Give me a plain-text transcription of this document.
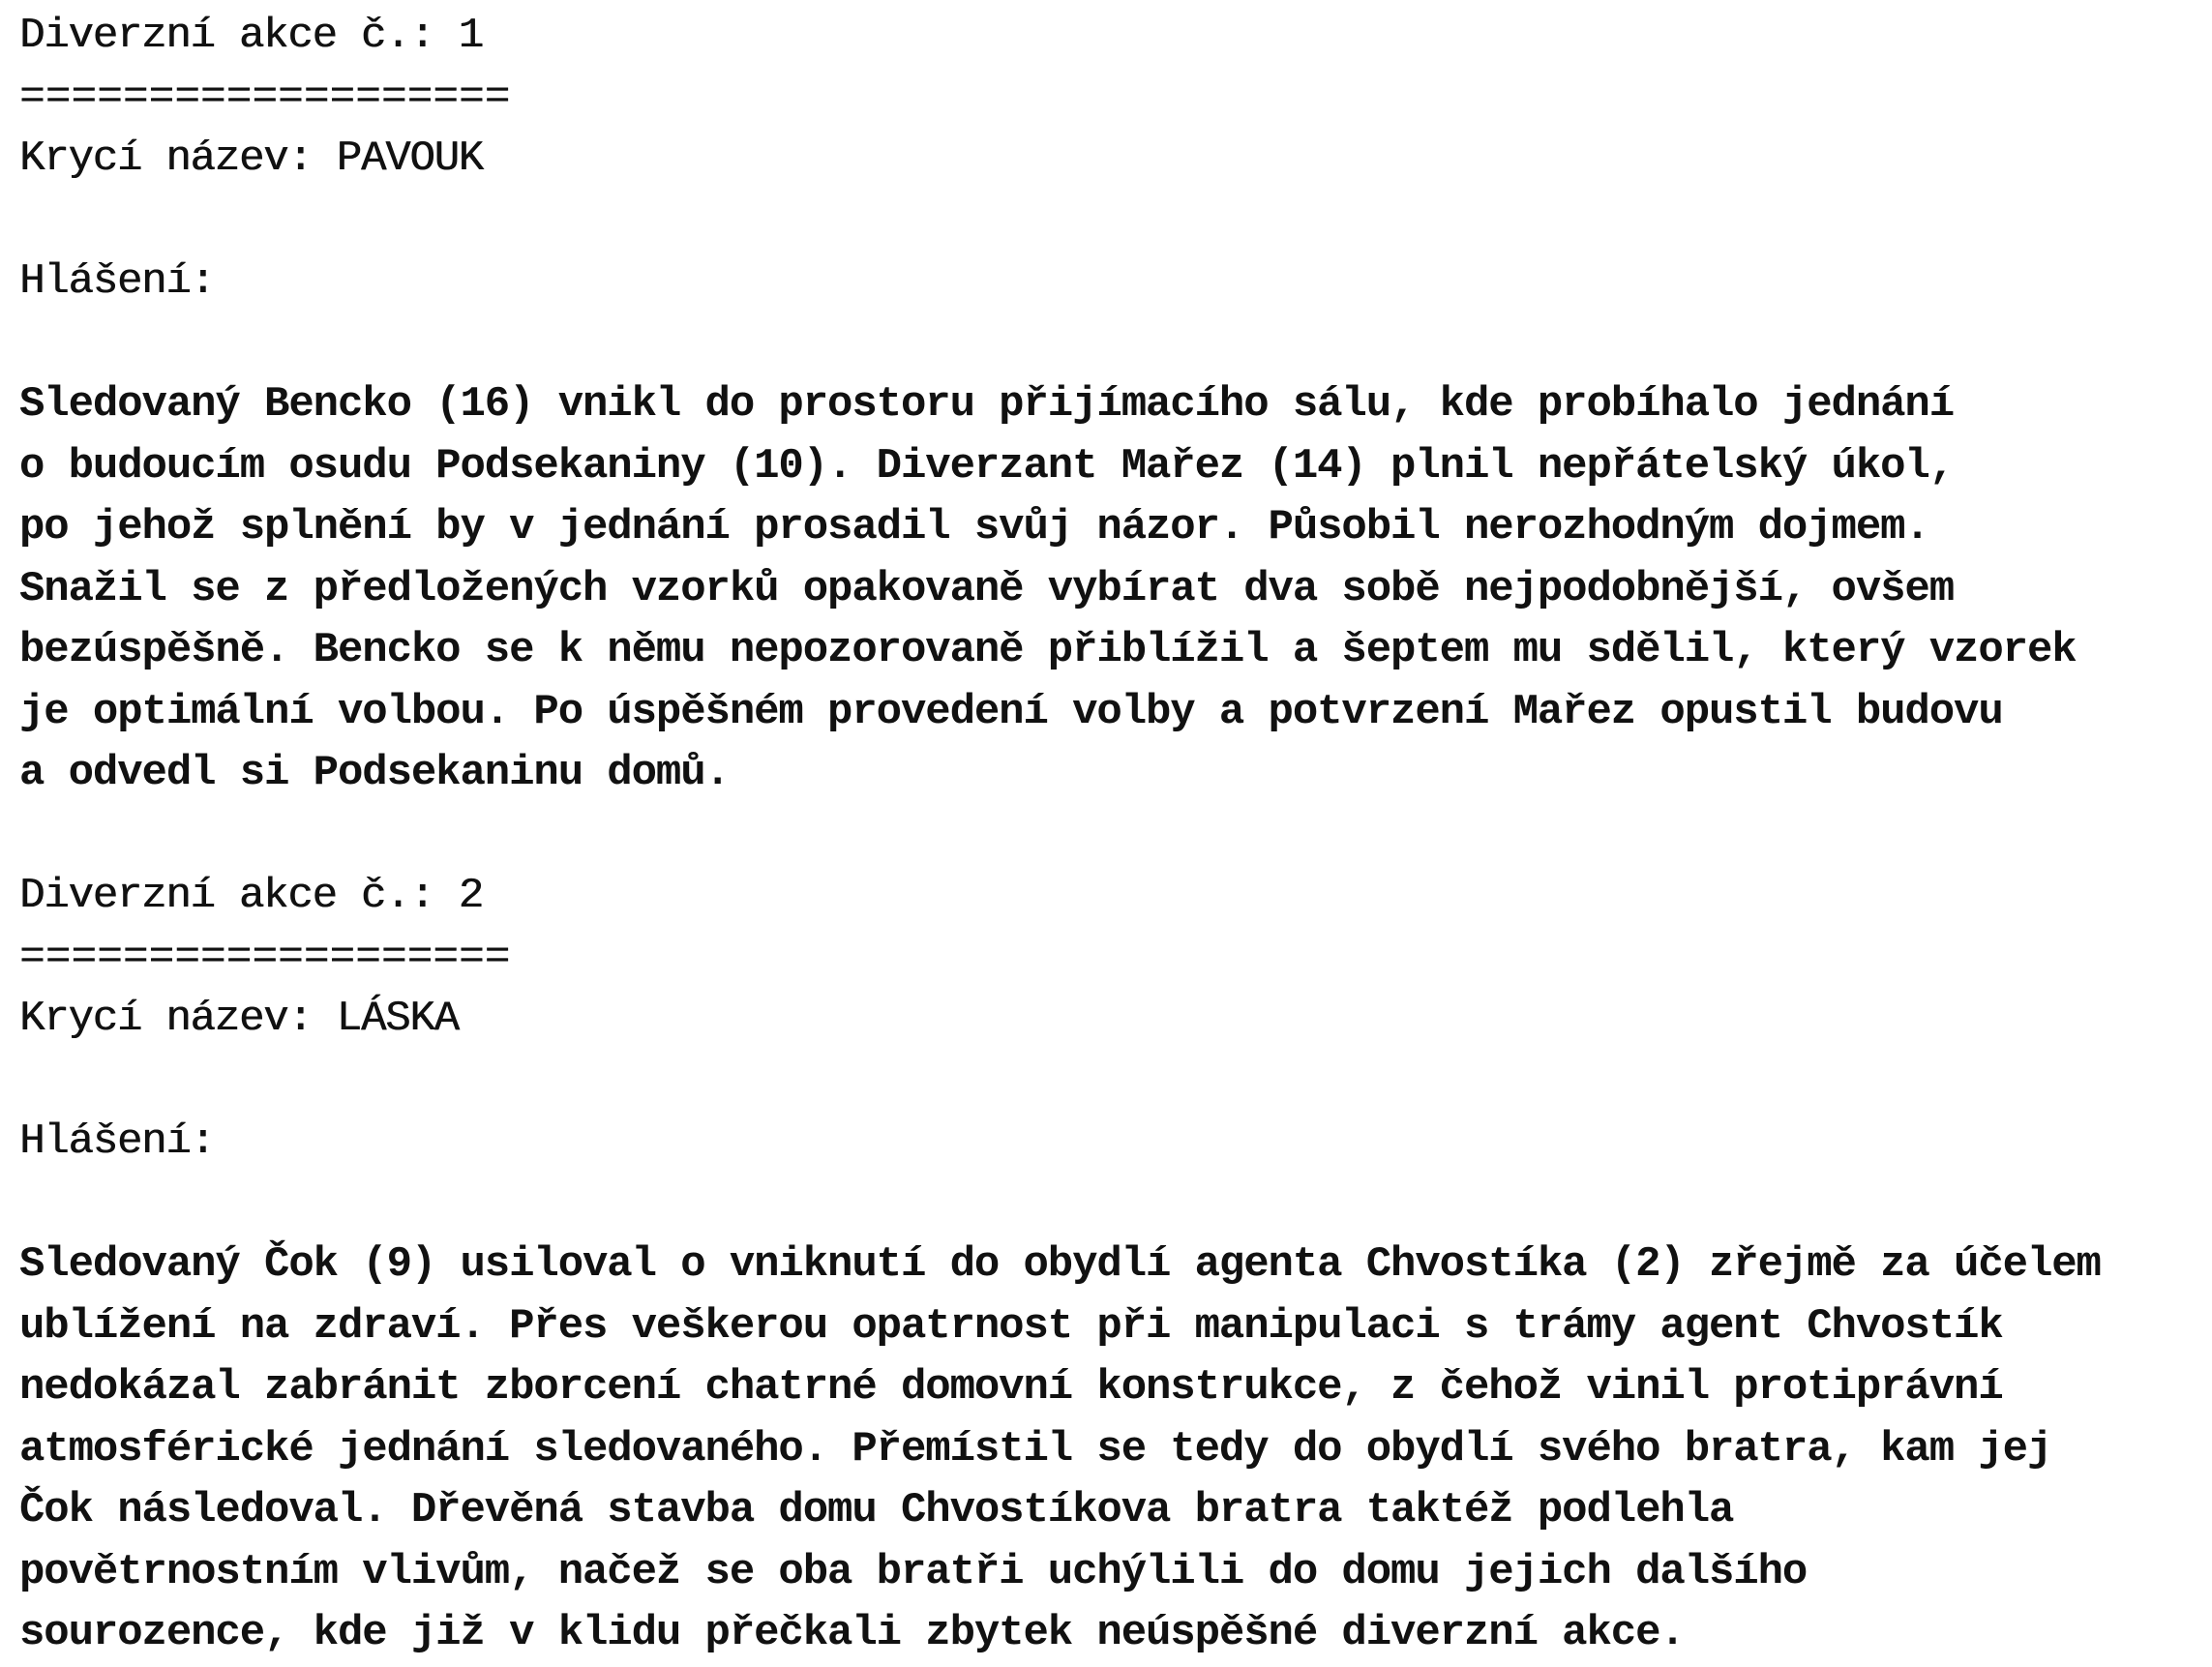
Diverzní akce č.: 1
===================
Krycí název: PAVOUK
Hlášení:
Sledovaný Bencko (16) vnikl do prostoru přijímacího sálu, kde probíhalo jednání
o budoucím osudu Podsekaniny (10). Diverzant Mařez (14) plnil nepřátelský úkol,
po jehož splnění by v jednání prosadil svůj názor. Působil nerozhodným dojmem.
Snažil se z předložených vzorků opakovaně vybírat dva sobě nejpodobnější, ovšem
bezúspěšně. Bencko se k němu nepozorovaně přiblížil a šeptem mu sdělil, který vzorek
je optimální volbou. Po úspěšném provedení volby a potvrzení Mařez opustil budovu
a odvedl si Podsekaninu domů.
Diverzní akce č.: 2
===================
Krycí název: LÁSKA
Hlášení:
Sledovaný Čok (9) usiloval o vniknutí do obydlí agenta Chvostíka (2) zřejmě za účelem
ublížení na zdraví. Přes veškerou opatrnost při manipulaci s trámy agent Chvostík
nedokázal zabránit zborcení chatrné domovní konstrukce, z čehož vinil protiprávní
atmosférické jednání sledovaného. Přemístil se tedy do obydlí svého bratra, kam jej
Čok následoval. Dřevěná stavba domu Chvostíkova bratra taktéž podlehla
povětrnostním vlivům, načež se oba bratři uchýlili do domu jejich dalšího
sourozence, kde již v klidu přečkali zbytek neúspěšné diverzní akce.
